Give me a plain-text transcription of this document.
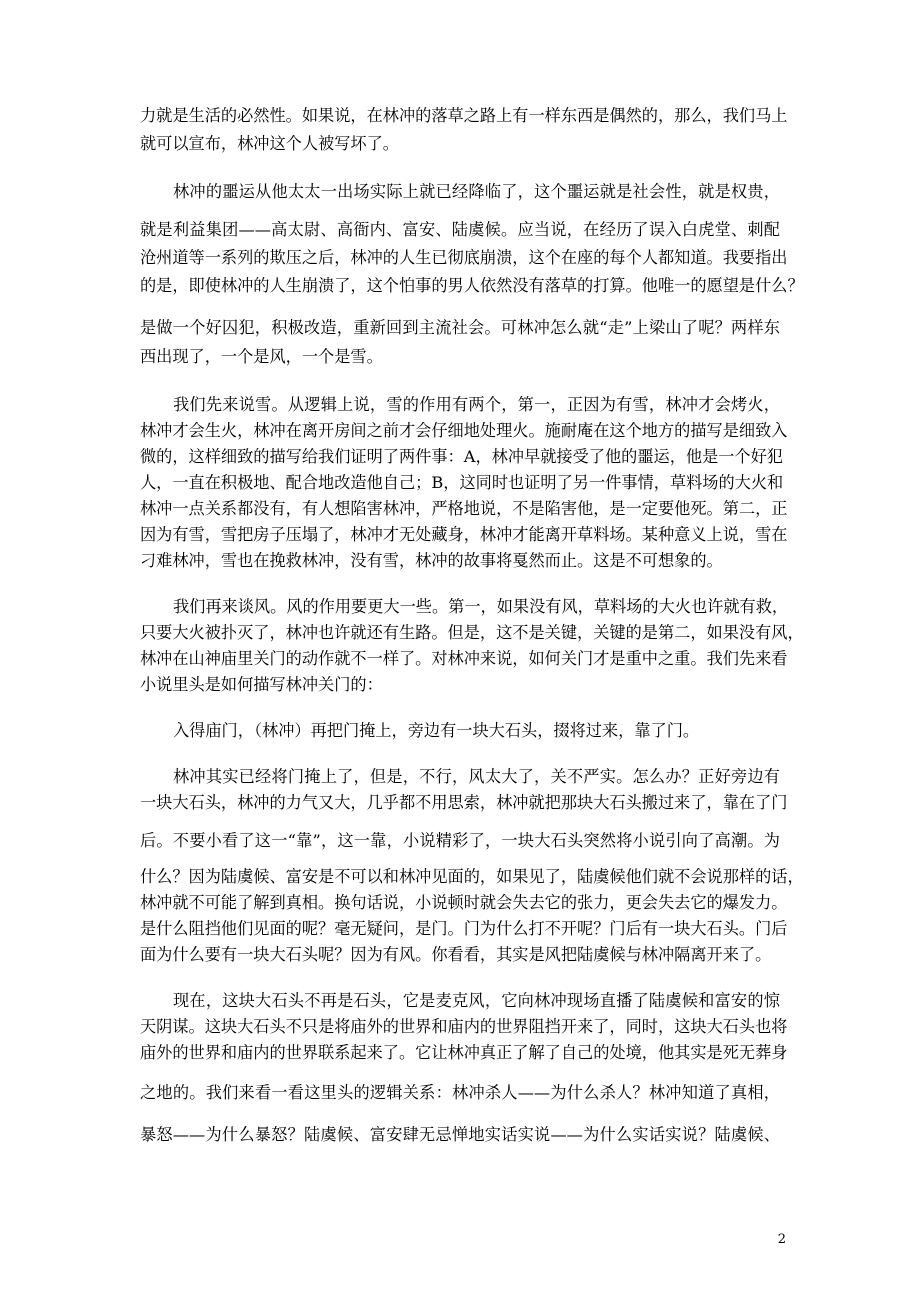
力就是生活的必然性。如果说，在林冲的落草之路上有一样东西是偶然的，那么，我们马上
就可以宣布，林冲这个人被写坏了。
林冲的噩运从他太太一出场实际上就已经降临了，这个噩运就是社会性，就是权贵，
就是利益集团——高太尉、高衙内、富安、陆虞候。应当说，在经历了误入白虎堂、刺配
沧州道等一系列的欺压之后，林冲的人生已彻底崩溃，这个在座的每个人都知道。我要指出
的是，即使林冲的人生崩溃了，这个怕事的男人依然没有落草的打算。他唯一的愿望是什么？
是做一个好囚犯，积极改造，重新回到主流社会。可林冲怎么就“走”上梁山了呢？两样东
西出现了，一个是风，一个是雪。
我们先来说雪。从逻辑上说，雪的作用有两个，第一，正因为有雪，林冲才会烤火，
林冲才会生火，林冲在离开房间之前才会仔细地处理火。施耐庵在这个地方的描写是细致入
微的，这样细致的描写给我们证明了两件事：A，林冲早就接受了他的噩运，他是一个好犯
人，一直在积极地、配合地改造他自己；B，这同时也证明了另一件事情，草料场的大火和
林冲一点关系都没有，有人想陷害林冲，严格地说，不是陷害他，是一定要他死。第二，正
因为有雪，雪把房子压塌了，林冲才无处藏身，林冲才能离开草料场。某种意义上说，雪在
刁难林冲，雪也在挽救林冲，没有雪，林冲的故事将戛然而止。这是不可想象的。
我们再来谈风。风的作用要更大一些。第一，如果没有风，草料场的大火也许就有救，
只要大火被扑灭了，林冲也许就还有生路。但是，这不是关键，关键的是第二，如果没有风，
林冲在山神庙里关门的动作就不一样了。对林冲来说，如何关门才是重中之重。我们先来看
小说里头是如何描写林冲关门的：
入得庙门，（林冲）再把门掩上，旁边有一块大石头，掇将过来，靠了门。
林冲其实已经将门掩上了，但是，不行，风太大了，关不严实。怎么办？正好旁边有
一块大石头，林冲的力气又大，几乎都不用思索，林冲就把那块大石头搬过来了，靠在了门
后。不要小看了这一“靠”，这一靠，小说精彩了，一块大石头突然将小说引向了高潮。为
什么？因为陆虞候、富安是不可以和林冲见面的，如果见了，陆虞候他们就不会说那样的话，
林冲就不可能了解到真相。换句话说，小说顿时就会失去它的张力，更会失去它的爆发力。
是什么阻挡他们见面的呢？毫无疑问，是门。门为什么打不开呢？门后有一块大石头。门后
面为什么要有一块大石头呢？因为有风。你看看，其实是风把陆虞候与林冲隔离开来了。
现在，这块大石头不再是石头，它是麦克风，它向林冲现场直播了陆虞候和富安的惊
天阴谋。这块大石头不只是将庙外的世界和庙内的世界阻挡开来了，同时，这块大石头也将
庙外的世界和庙内的世界联系起来了。它让林冲真正了解了自己的处境，他其实是死无葬身
之地的。我们来看一看这里头的逻辑关系：林冲杀人——为什么杀人？林冲知道了真相，
暴怒——为什么暴怒？陆虞候、富安肆无忌惮地实话实说——为什么实话实说？陆虞候、
2
